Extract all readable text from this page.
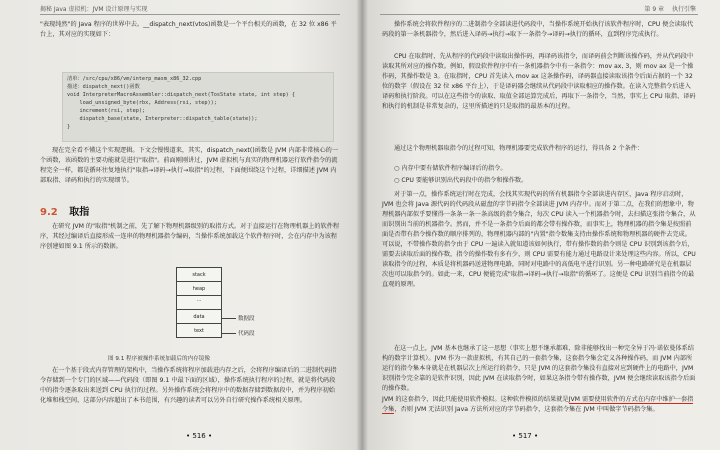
揭秘 Java 虚拟机：JVM 设计原理与实现

"表现纯然"的 Java 程序的世界中去。__dispatch_next(vtos)函数是一个平台相关的函数，在 32 位 x86 平台上，其对应的实现如下：

清单：/src/cpu/x86/vm/interp_masm_x86_32.cpp
描述：dispatch_next()函数
void InterpreterMacroAssembler::dispatch_next(TosState state, int step) {
load_unsigned_byte(rbx, Address(rsi, step));
increment(rsi, step);
dispatch_base(state, Interpreter::dispatch_table(state));
}

现在完全看不懂这个实现逻辑。下文会慢慢道来，其实，dispatch_next()函数是 JVM 内部非常核心的一个函数，该函数的主要功能就是进行"取指"。前面刚刚讲过，JVM 虚拟机与真实的物理机器运行软件指令的流程完全一样，都是循环往复地执行"取指→译码→执行→取指"的过程，下面便围绕这个过程，详细描述 JVM 内部取指、译码和执行的实现细节。

9.2 取指

在研究 JVM 的"取指"机制之前，先了解下物理机器级别的取指方式。对于直接运行在物理机器上的软件程序，其经过编译后直接形成一连串的物理机器指令编码，当操作系统加载这个软件程序时，会在内存中为该程序创建如图 9.1 所示的数据。

stack
heap
...
data
text
数据段
代码段
图 9.1 程序被操作系统加载后的内存镜像

在一个基于段式内存管理的架构中，当操作系统将程序加载进内存之后，会将程序编译后的二进制代码指令存储到一个专门的区域——代码段（即图 9.1 中最下面的区域），操作系统执行程序的过程，就是将代码段中的指令逐条取出来送到 CPU 执行的过程。另外操作系统会将程序中的数据存储到数据段中，并为程序初始化堆和栈空间，这部分内容超出了本书范围，有兴趣的读者可以另外自行研究操作系统相关原理。

• 516 •
第 9 章 执行引擎

操作系统会将软件程序的二进制指令全部读进代码段中，当操作系统开始执行该软件程序时，CPU 便会读取代码段的第一条机器指令，然后进入译码→执行→取下一条指令→译码→执行的循环，直到程序完成执行。

CPU 在取指时，先从程序的代码段中读取出操作码，再译码该指令，而译码前会判断该操作码，并从代码段中读取其所对应的操作数。例如，假设软件程序中有一条机器指令中有一条指令：mov ax, 3，则 mov ax 是一个操作码，其操作数是 3。在取指时，CPU 首先读入 mov ax 这条操作码，译码器直接读取该指令后面占据的一个 32 位的数字（假设在 32 位 x86 平台上），于是译码器会继续从代码段中读取相应的操作数。在读入完整指令后进入译码和执行阶段。可以在这些指令的读取、取值全部运算完成后，再取下一条指令，当然，事实上 CPU 取指、译码和执行的机制是非常复杂的，这里所描述的只是取指的最基本的过程。

通过这个物理机器取指令的过程可知，物理机器要完成软件程序的运行，得具备 2 个条件：

○ 内存中要有储软件程序编译后的指令。
○ CPU 要能够识别出代码段中的指令和操作数。

对于第一点，操作系统运行时在完成，会找其实现代码的所有机器指令全部读进内存区，Java 程序启动时，JVM 也会将 Java 源代码的代码段从磁盘的字节码指令全部读进 JVM 内存中。而对于第二点，在我们的想象中，物理机器内部似乎要懂得一条条一条一条高级的指令集合，每次 CPU 读入一个机器指令时，去扫描这张指令集合，从而识别出当前的机器指令。然而，并不是一条指令后面的都会带有操作数，而事实上，物理机器的指令集是按照前面是否带有指令操作数的顺序排列的，物理机器内部的"内置"指令数集支持由操作系统和物理机器的硬件去完成。可以说，不带操作数的指令由于 CPU 一遍读入就知道该如何执行，带有操作数的指令则是 CPU 识别到该指令后，需要去读取后面的操作数，指令的操作数有多有少，则 CPU 需要有能力通过电路设计来处理这些内容。所以，CPU 读取指令的过程，本质是将机器码送进物理电路，同时对电路中的高低电平进行识别。另一种电路研究是在机器层次也可以取指令的。如此一来，CPU 便能完成"取指→译码→执行→取指"的循环了。这便是 CPU 识别当前指令的最直观的原理。

在这一点上，JVM 基本也继承了这一思想（事实上想不继承都难，除非能够找出一种完全异于冯·诺依曼体系结构的数字计算机）。JVM 作为一款虚拟机，有其自己的一套指令集，这套指令集会定义各种操作码，而 JVM 内部所运行的指令集本身就是在机器层次上所运行的指令，只是 JVM 的这套指令集没有直接对应到硬件上的电路中，JVM 识别指令完全靠的是软件识别，因此 JVM 在读取指令时，如果这条指令带有操作数，JVM 便会继续读取该指令后面的操作数。

JVM 的这套指令，因此只能使用软件模拟。这种软件模拟的结果就是JVM 需要使用软件的方式在内存中维护一套指令集，否则 JVM 无法识别 Java 方法所对应的字节码指令，这套指令集在 JVM 中叫做字节码指令集。

• 517 •
